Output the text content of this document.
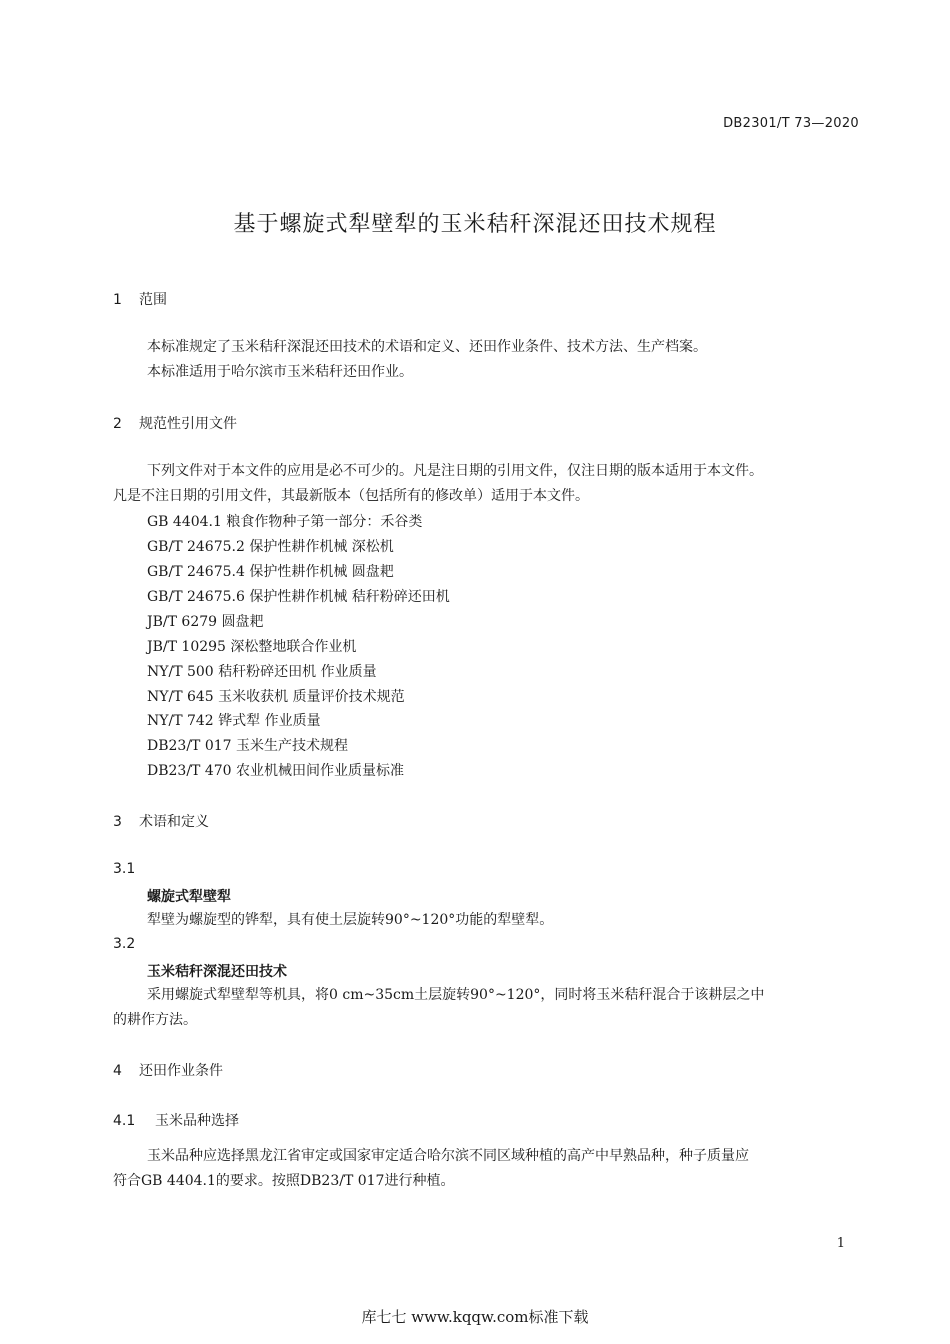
DB2301/T 73—2020
基于螺旋式犁壁犁的玉米秸秆深混还田技术规程
1 范围
本标准规定了玉米秸秆深混还田技术的术语和定义、还田作业条件、技术方法、生产档案。
本标准适用于哈尔滨市玉米秸秆还田作业。
2 规范性引用文件
下列文件对于本文件的应用是必不可少的。凡是注日期的引用文件，仅注日期的版本适用于本文件。
凡是不注日期的引用文件，其最新版本（包括所有的修改单）适用于本文件。
GB 4404.1 粮食作物种子第一部分：禾谷类
GB/T 24675.2 保护性耕作机械 深松机
GB/T 24675.4 保护性耕作机械 圆盘耙
GB/T 24675.6 保护性耕作机械 秸秆粉碎还田机
JB/T 6279 圆盘耙
JB/T 10295 深松整地联合作业机
NY/T 500 秸秆粉碎还田机 作业质量
NY/T 645 玉米收获机 质量评价技术规范
NY/T 742 铧式犁 作业质量
DB23/T 017 玉米生产技术规程
DB23/T 470 农业机械田间作业质量标准
3 术语和定义
3.1
螺旋式犁壁犁
犁壁为螺旋型的铧犁，具有使土层旋转90°~120°功能的犁壁犁。
3.2
玉米秸秆深混还田技术
采用螺旋式犁壁犁等机具，将0 cm~35cm土层旋转90°~120°，同时将玉米秸秆混合于该耕层之中
的耕作方法。
4 还田作业条件
4.1 玉米品种选择
玉米品种应选择黑龙江省审定或国家审定适合哈尔滨不同区域种植的高产中早熟品种，种子质量应
符合GB 4404.1的要求。按照DB23/T 017进行种植。
1
库七七 www.kqqw.com标准下载
